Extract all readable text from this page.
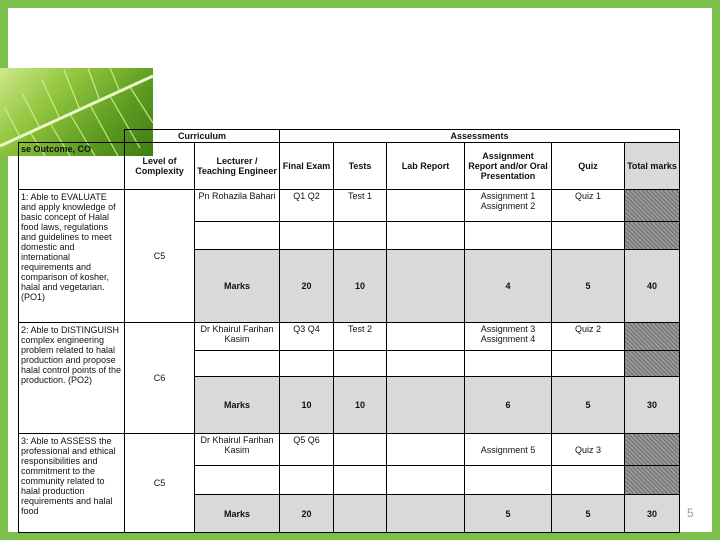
	Curriculum		Assessments					
se Outcome, CO	Level of Complexity	Lecturer / Teaching Engineer	Final Exam	Tests	Lab Report	Assignment Report and/or Oral Presentation	Quiz	Total marks
1: Able to EVALUATE and apply knowledge of basic concept of Halal food laws, regulations and guidelines to meet domestic and international requirements and comparison of kosher, halal and vegetarian. (PO1)	C5	Pn Rohazila Bahari	Q1 Q2	Test 1		Assignment 1 Assignment 2	Quiz 1	

		Marks	20	10		4	5	40
2: Able to DISTINGUISH complex engineering problem related to halal production and propose halal control points of the production. (PO2)	C6	Dr Khairul Farihan Kasim	Q3 Q4	Test 2		Assignment 3 Assignment 4	Quiz 2	

		Marks	10	10		6	5	30
3: Able to ASSESS the professional and ethical responsibilities and commitment to the community related to halal production requirements and halal food	C5	Dr Khairul Farihan Kasim	Q5 Q6			Assignment 5	Quiz 3	

		Marks	20			5	5	30	5
